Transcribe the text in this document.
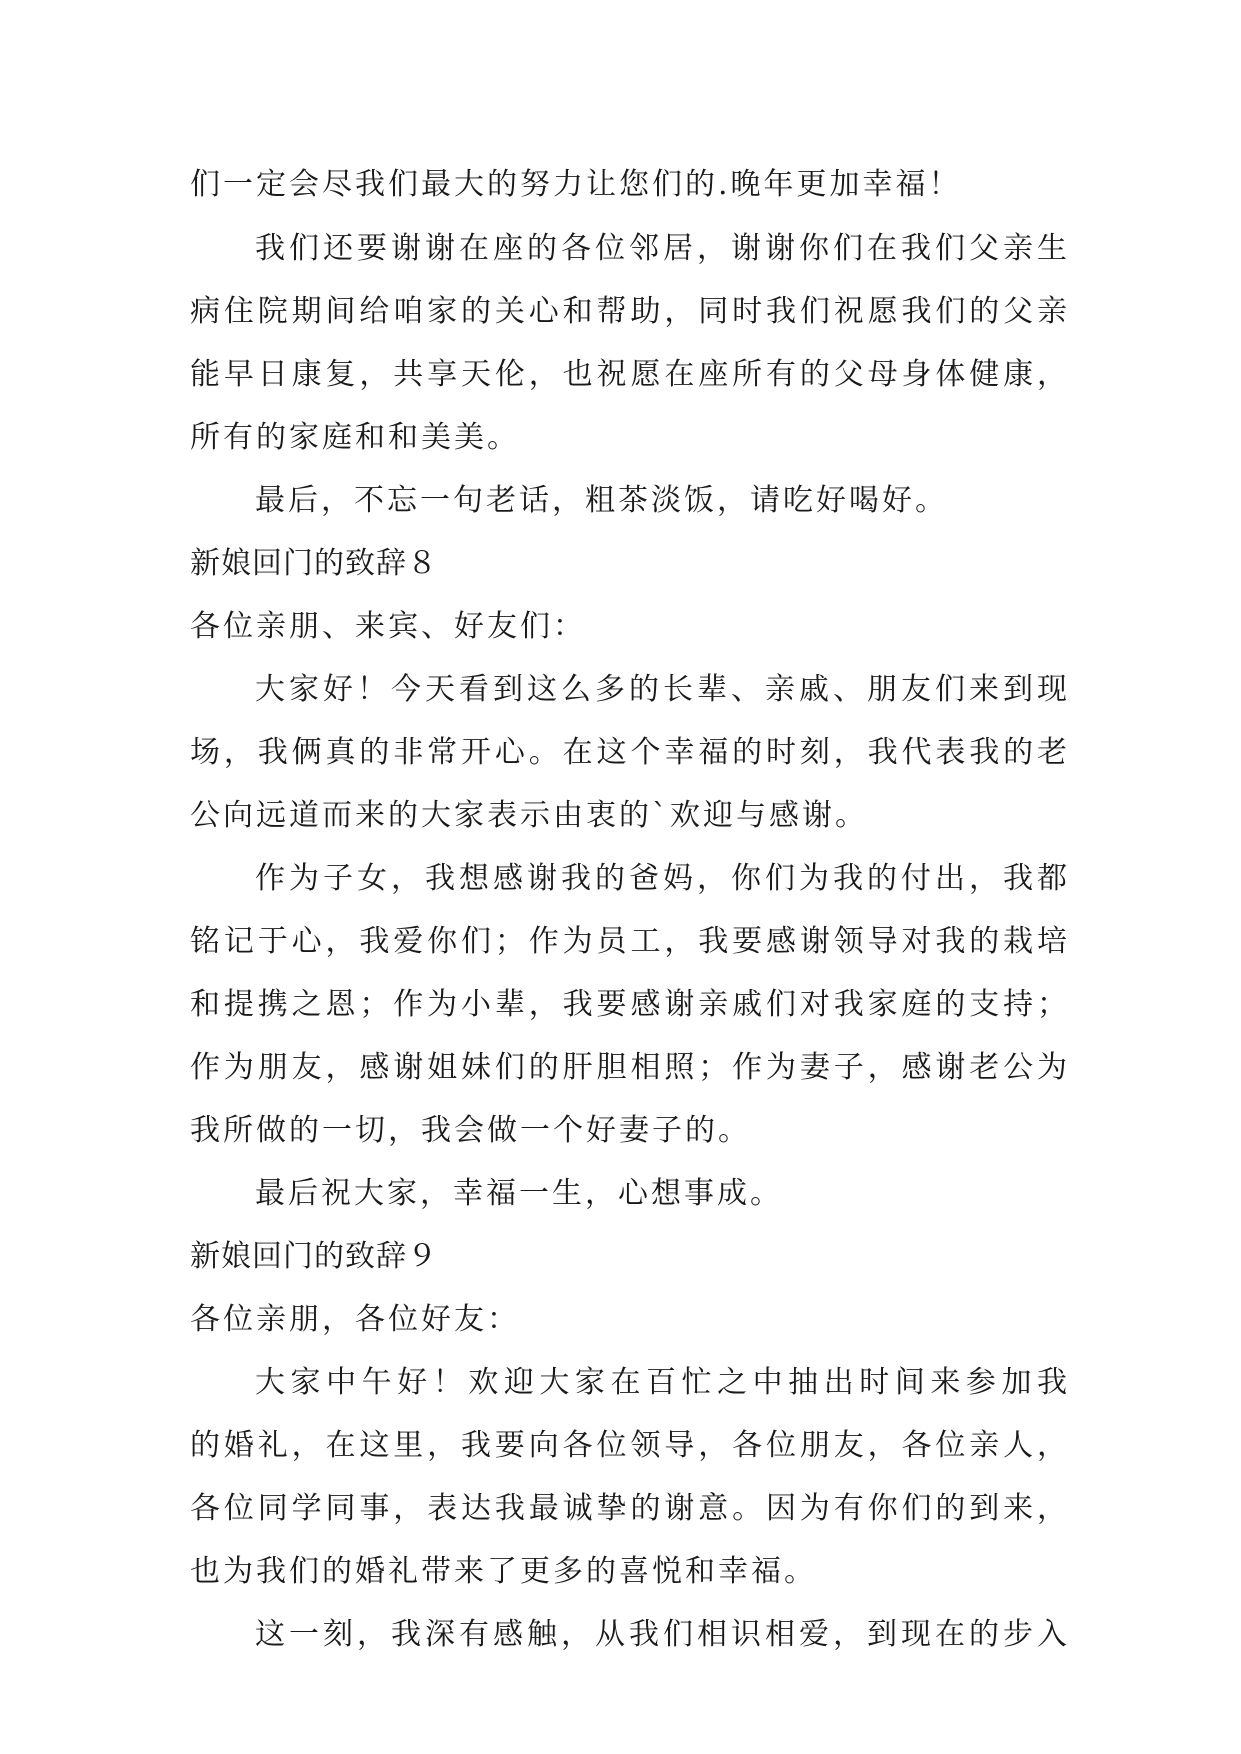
们一定会尽我们最大的努力让您们的.晚年更加幸福！
我们还要谢谢在座的各位邻居，谢谢你们在我们父亲生
病住院期间给咱家的关心和帮助，同时我们祝愿我们的父亲
能早日康复，共享天伦，也祝愿在座所有的父母身体健康，
所有的家庭和和美美。
最后，不忘一句老话，粗茶淡饭，请吃好喝好。
新娘回门的致辞８
各位亲朋、来宾、好友们：
大家好！今天看到这么多的长辈、亲戚、朋友们来到现
场，我俩真的非常开心。在这个幸福的时刻，我代表我的老
公向远道而来的大家表示由衷的`欢迎与感谢。
作为子女，我想感谢我的爸妈，你们为我的付出，我都
铭记于心，我爱你们；作为员工，我要感谢领导对我的栽培
和提携之恩；作为小辈，我要感谢亲戚们对我家庭的支持；
作为朋友，感谢姐妹们的肝胆相照；作为妻子，感谢老公为
我所做的一切，我会做一个好妻子的。
最后祝大家，幸福一生，心想事成。
新娘回门的致辞９
各位亲朋，各位好友：
大家中午好！欢迎大家在百忙之中抽出时间来参加我
的婚礼，在这里，我要向各位领导，各位朋友，各位亲人，
各位同学同事，表达我最诚挚的谢意。因为有你们的到来，
也为我们的婚礼带来了更多的喜悦和幸福。
这一刻，我深有感触，从我们相识相爱，到现在的步入
